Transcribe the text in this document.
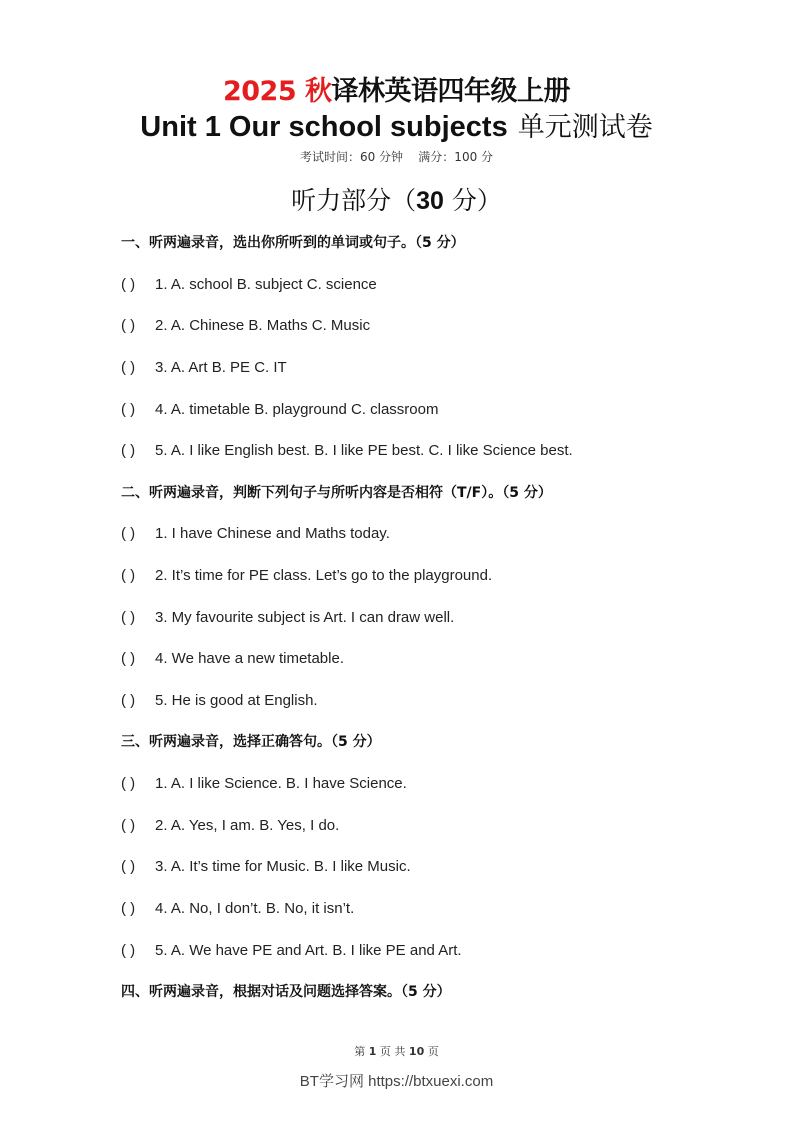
2025 秋译林英语四年级上册
Unit 1 Our school subjects 单元测试卷
考试时间：60 分钟    满分：100 分
听力部分（30 分）
一、听两遍录音，选出你所听到的单词或句子。（5 分）
( ) 1. A. school B. subject C. science
( ) 2. A. Chinese B. Maths C. Music
( ) 3. A. Art B. PE C. IT
( ) 4. A. timetable B. playground C. classroom
( ) 5. A. I like English best. B. I like PE best. C. I like Science best.
二、听两遍录音，判断下列句子与所听内容是否相符（T/F）。（5 分）
( ) 1. I have Chinese and Maths today.
( ) 2. It’s time for PE class. Let’s go to the playground.
( ) 3. My favourite subject is Art. I can draw well.
( ) 4. We have a new timetable.
( ) 5. He is good at English.
三、听两遍录音，选择正确答句。（5 分）
( ) 1. A. I like Science. B. I have Science.
( ) 2. A. Yes, I am. B. Yes, I do.
( ) 3. A. It’s time for Music. B. I like Music.
( ) 4. A. No, I don’t. B. No, it isn’t.
( ) 5. A. We have PE and Art. B. I like PE and Art.
四、听两遍录音，根据对话及问题选择答案。（5 分）
第 1 页 共 10 页
BT学习网 https://btxuexi.com
